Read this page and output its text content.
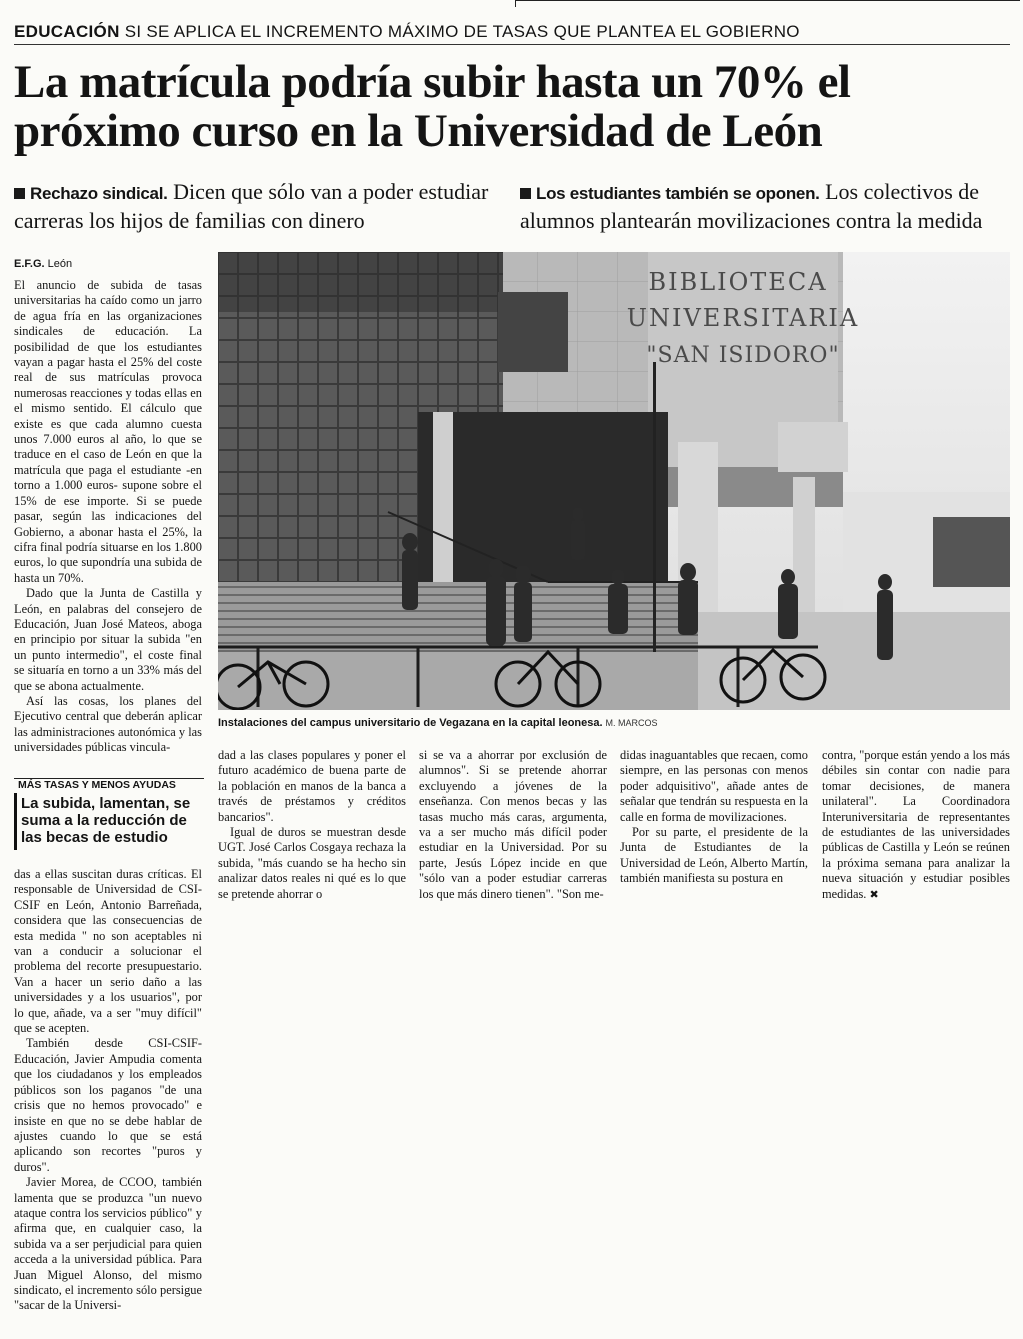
EDUCACIÓN SI SE APLICA EL INCREMENTO MÁXIMO DE TASAS QUE PLANTEA EL GOBIERNO
La matrícula podría subir hasta un 70% el
próximo curso en la Universidad de León

Rechazo sindical. Dicen que sólo van a poder estudiar carreras los hijos de familias con dinero

Los estudiantes también se oponen. Los colectivos de alumnos plantearán movilizaciones contra la medida

E.F.G. León

El anuncio de subida de tasas universitarias ha caído como un jarro de agua fría en las organizaciones sindicales de educación. La posibilidad de que los estudiantes vayan a pagar hasta el 25% del coste real de sus matrículas provoca numerosas reacciones y todas ellas en el mismo sentido. El cálculo que existe es que cada alumno cuesta unos 7.000 euros al año, lo que se traduce en el caso de León en que la matrícula que paga el estudiante -en torno a 1.000 euros- supone sobre el 15% de ese importe. Si se puede pasar, según las indicaciones del Gobierno, a abonar hasta el 25%, la cifra final podría situarse en los 1.800 euros, lo que supondría una subida de hasta un 70%.

Dado que la Junta de Castilla y León, en palabras del consejero de Educación, Juan José Mateos, aboga en principio por situar la subida "en un punto intermedio", el coste final se situaría en torno a un 33% más del que se abona actualmente.

Así las cosas, los planes del Ejecutivo central que deberán aplicar las administraciones autonómica y las universidades públicas vincula-

BIBLIOTECA
UNIVERSITARIA
"SAN ISIDORO"
Instalaciones del campus universitario de Vegazana en la capital leonesa. M. MARCOS
MÁS TASAS Y MENOS AYUDAS
La subida, lamentan, se suma a la reducción de las becas de estudio

das a ellas suscitan duras críticas. El responsable de Universidad de CSI-CSIF en León, Antonio Barreñada, considera que las consecuencias de esta medida " no son aceptables ni van a conducir a solucionar el problema del recorte presupuestario. Van a hacer un serio daño a las universidades y a los usuarios", por lo que, añade, va a ser "muy difícil" que se acepten.

También desde CSI-CSIF-Educación, Javier Ampudia comenta que los ciudadanos y los empleados públicos son los paganos "de una crisis que no hemos provocado" e insiste en que no se debe hablar de ajustes cuando lo que se está aplicando son recortes "puros y duros".

Javier Morea, de CCOO, también lamenta que se produzca "un nuevo ataque contra los servicios público" y afirma que, en cualquier caso, la subida va a ser perjudicial para quien acceda a la universidad pública. Para Juan Miguel Alonso, del mismo sindicato, el incremento sólo persigue "sacar de la Universi-

dad a las clases populares y poner el futuro académico de buena parte de la población en manos de la banca a través de préstamos y créditos bancarios".

Igual de duros se muestran desde UGT. José Carlos Cosgaya rechaza la subida, "más cuando se ha hecho sin analizar datos reales ni qué es lo que se pretende ahorrar o

si se va a ahorrar por exclusión de alumnos". Si se pretende ahorrar excluyendo a jóvenes de la enseñanza. Con menos becas y las tasas mucho más caras, argumenta, va a ser mucho más difícil poder estudiar en la Universidad. Por su parte, Jesús López incide en que "sólo van a poder estudiar carreras los que más dinero tienen". "Son me-

didas inaguantables que recaen, como siempre, en las personas con menos poder adquisitivo", añade antes de señalar que tendrán su respuesta en la calle en forma de movilizaciones.

Por su parte, el presidente de la Junta de Estudiantes de la Universidad de León, Alberto Martín, también manifiesta su postura en

contra, "porque están yendo a los más débiles sin contar con nadie para tomar decisiones, de manera unilateral". La Coordinadora Interuniversitaria de representantes de estudiantes de las universidades públicas de Castilla y León se reúnen la próxima semana para analizar la nueva situación y estudiar posibles medidas. ✖
